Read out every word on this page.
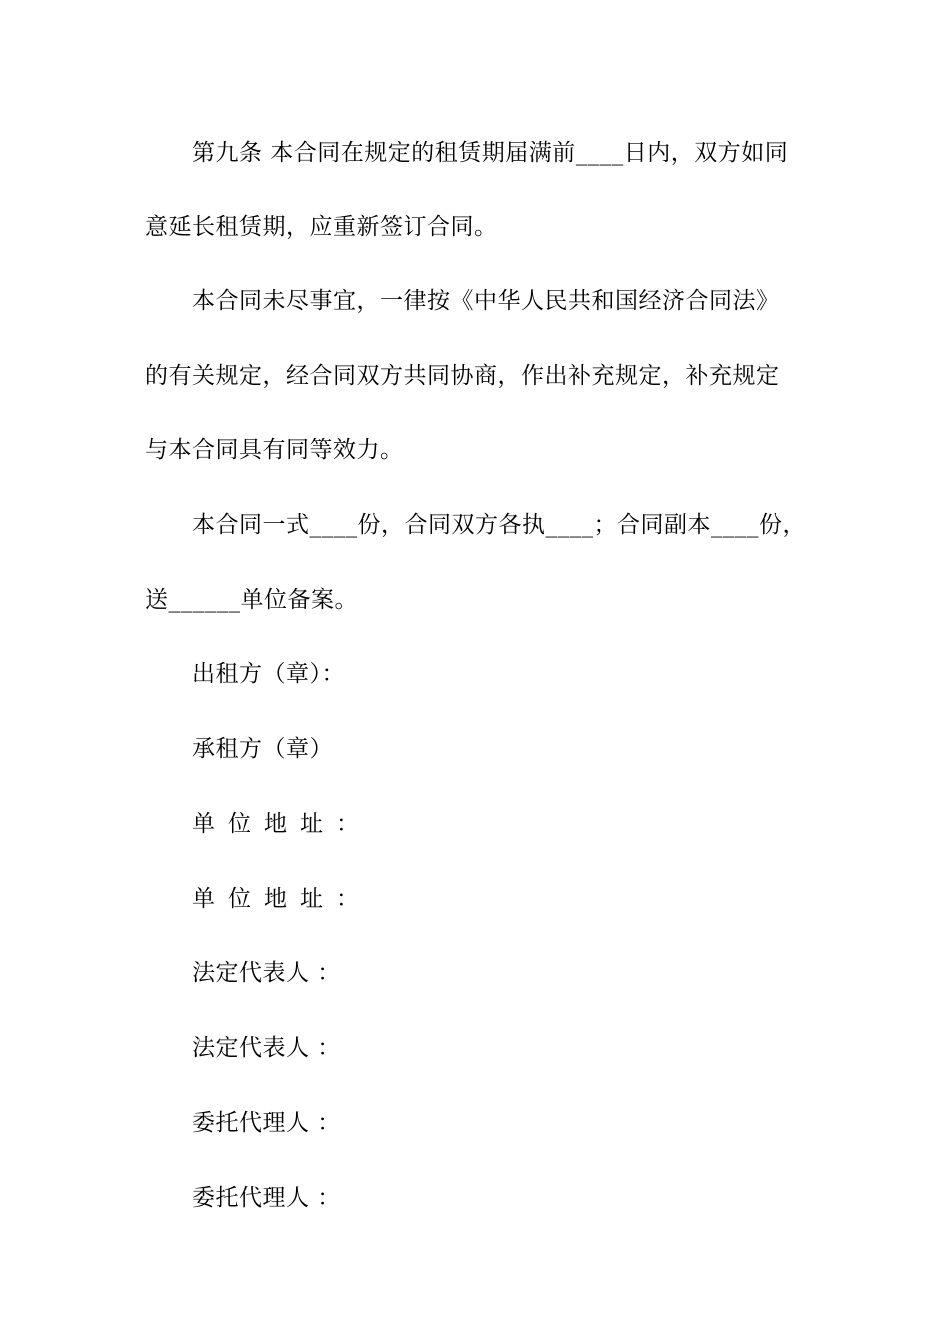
第九条 本合同在规定的租赁期届满前____日内，双方如同
意延长租赁期，应重新签订合同。
本合同未尽事宜，一律按《中华人民共和国经济合同法》
的有关规定，经合同双方共同协商，作出补充规定，补充规定
与本合同具有同等效力。
本合同一式____份，合同双方各执____；合同副本____份，
送______单位备案。
出租方（章）：
承租方（章）
单位地址：
单位地址：
法定代表人 ：
法定代表人 ：
委托代理人 ：
委托代理人 ：
